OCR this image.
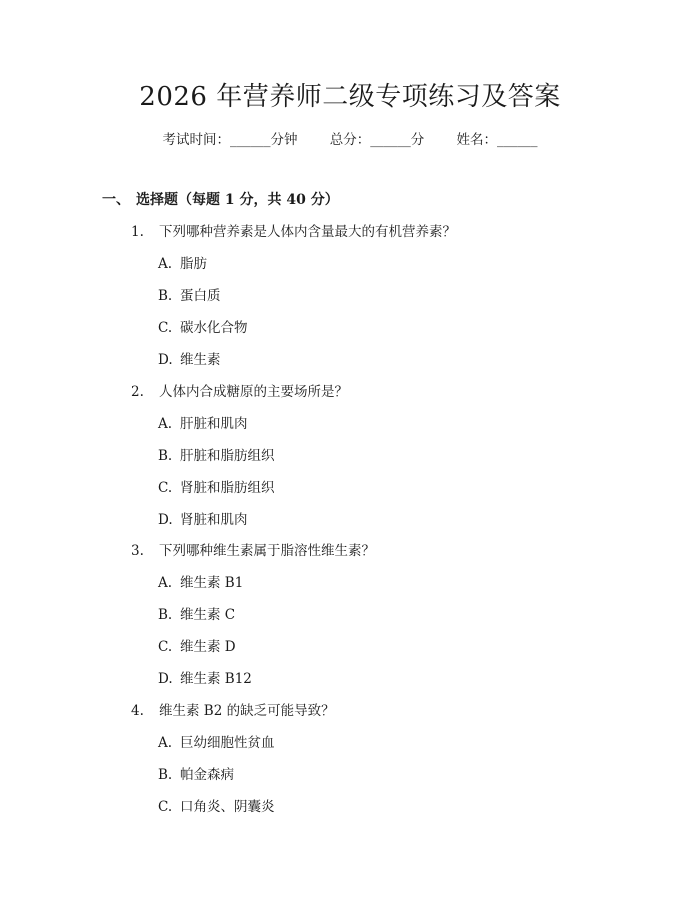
2026 年营养师二级专项练习及答案
考试时间：______分钟 总分：______分 姓名：______
一、 选择题（每题 1 分，共 40 分）
1. 下列哪种营养素是人体内含量最大的有机营养素？
A. 脂肪
B. 蛋白质
C. 碳水化合物
D. 维生素
2. 人体内合成糖原的主要场所是？
A. 肝脏和肌肉
B. 肝脏和脂肪组织
C. 肾脏和脂肪组织
D. 肾脏和肌肉
3. 下列哪种维生素属于脂溶性维生素？
A. 维生素 B1
B. 维生素 C
C. 维生素 D
D. 维生素 B12
4. 维生素 B2 的缺乏可能导致？
A. 巨幼细胞性贫血
B. 帕金森病
C. 口角炎、阴囊炎
